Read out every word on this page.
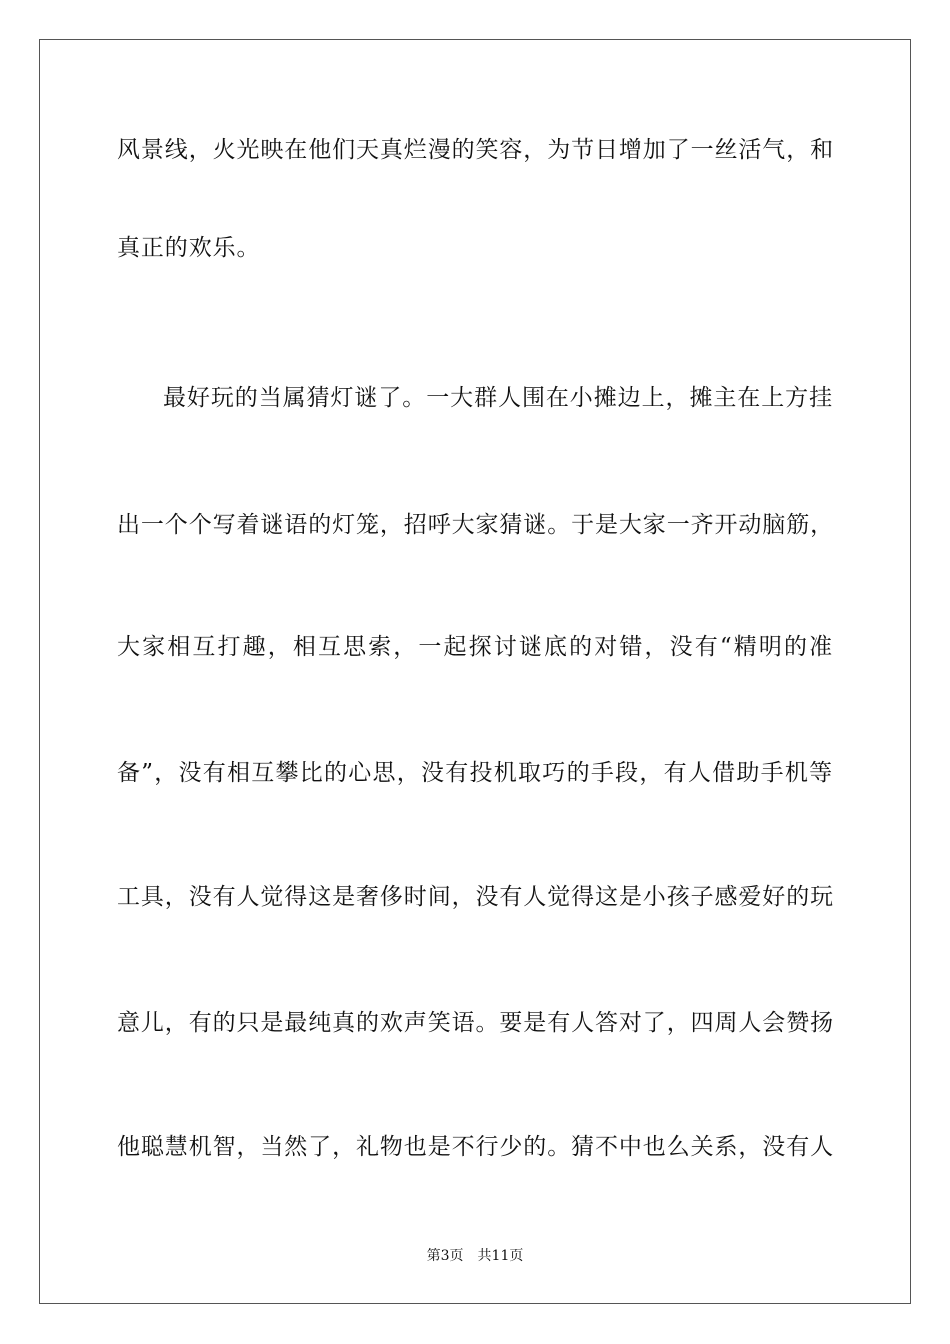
风景线，火光映在他们天真烂漫的笑容，为节日增加了一丝活气，和
真正的欢乐。
最好玩的当属猜灯谜了。一大群人围在小摊边上，摊主在上方挂
出一个个写着谜语的灯笼，招呼大家猜谜。于是大家一齐开动脑筋，
大家相互打趣，相互思索，一起探讨谜底的对错，没有“精明的准
备”，没有相互攀比的心思，没有投机取巧的手段，有人借助手机等
工具，没有人觉得这是奢侈时间，没有人觉得这是小孩子感爱好的玩
意儿，有的只是最纯真的欢声笑语。要是有人答对了，四周人会赞扬
他聪慧机智，当然了，礼物也是不行少的。猜不中也么关系，没有人
第3页 共11页
